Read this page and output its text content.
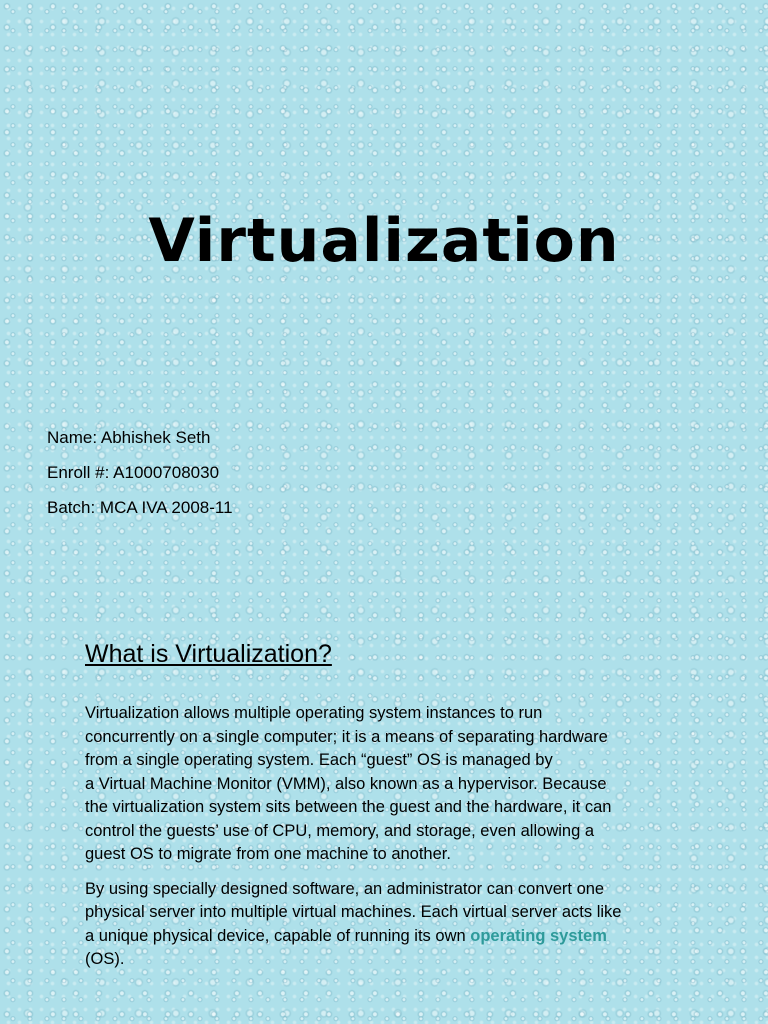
Virtualization
Name: Abhishek Seth
Enroll #: A1000708030
Batch: MCA IVA 2008-11
What is Virtualization?

Virtualization allows multiple operating system instances to run
concurrently on a single computer; it is a means of separating hardware
from a single operating system. Each “guest” OS is managed by
a Virtual Machine Monitor (VMM), also known as a hypervisor. Because
the virtualization system sits between the guest and the hardware, it can
control the guests’ use of CPU, memory, and storage, even allowing a
guest OS to migrate from one machine to another.

By using specially designed software, an administrator can convert one
physical server into multiple virtual machines. Each virtual server acts like
a unique physical device, capable of running its own operating system
(OS).
